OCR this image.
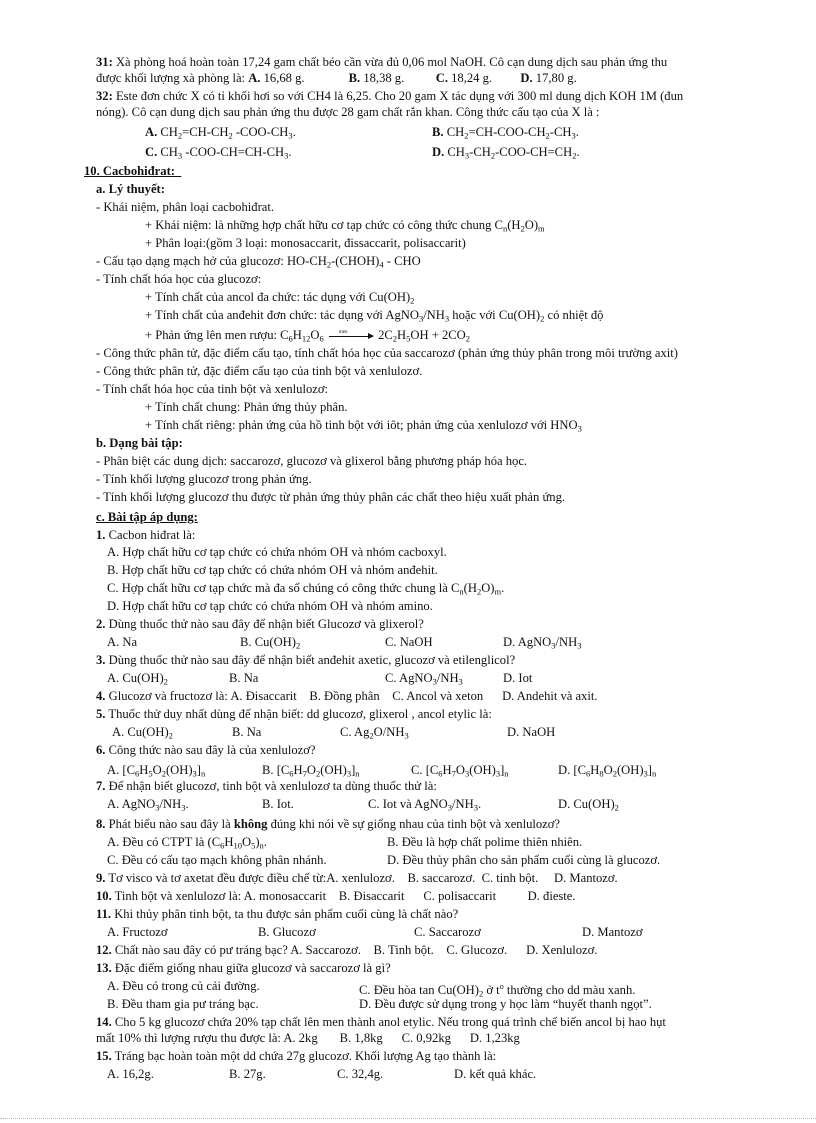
31: Xà phòng hoá hoàn toàn 17,24 gam chất béo cần vừa đủ 0,06 mol NaOH. Cô cạn dung dịch sau phản ứng thu
được khối lượng xà phòng là: A. 16,68 g.              B. 18,38 g.          C. 18,24 g.         D. 17,80 g.
32: Este đơn chức X có tỉ khối hơi so với CH4 là 6,25. Cho 20 gam X tác dụng với 300 ml dung dịch KOH 1M (đun
nóng). Cô cạn dung dịch sau phản ứng thu được 28 gam chất rắn khan. Công thức cấu tạo của X là :
A. $CH_2=CH-CH_2$ $-COO-CH_3$.	B. $CH_2=CH-COO-CH_2-CH_3$.
C. $CH_3$ $-COO-CH=CH-CH_3$.	D. $CH_3-CH_2-COO-CH=CH_2$.
10. Cacbohiđrat:
a. Lý thuyết:
- Khái niệm, phân loại cacbohiđrat.
+ Khái niệm: là những hợp chất hữu cơ tạp chức có công thức chung $C_n(H_2O)_m$
+ Phân loại:(gồm 3 loại: monosaccarit, đissaccarit, polisaccarit)
- Cấu tạo dạng mạch hở của glucozơ: $HO-CH_2-(CHOH)_4$ - CHO
- Tính chất hóa học của glucozơ:
+ Tính chất của ancol đa chức: tác dụng với $Cu(OH)_2$
+ Tính chất của anđehit đơn chức: tác dụng với $AgNO_3/NH_3$ hoặc với $Cu(OH)_2$ có nhiệt độ
+ Phản ứng lên men rượu: $C_6H_{12}O_6$
men $2C_2H_5OH + 2CO_2$
- Công thức phân tử, đặc điểm cấu tạo, tính chất hóa học của saccarozơ (phản ứng thủy phân trong môi trường axit)
- Công thức phân tử, đặc điểm cấu tạo của tinh bột và xenlulozơ.
- Tính chất hóa học của tinh bột và xenlulozơ:
+ Tính chất chung: Phản ứng thủy phân.
+ Tính chất riêng: phản ứng của hồ tinh bột với iôt; phản ứng của xenlulozơ với $HNO_3$
b. Dạng bài tập:
- Phân biệt các dung dịch: saccarozơ, glucozơ và glixerol bằng phương pháp hóa học.
- Tính khối lượng glucozơ trong phản ứng.
- Tính khối lượng glucozơ thu được từ phản ứng thủy phân các chất theo hiệu xuất phản ứng.
c. Bài tập áp dụng:
1. Cacbon hiđrat là:
A. Hợp chất hữu cơ tạp chức có chứa nhóm OH và nhóm cacboxyl.
B. Hợp chất hữu cơ tạp chức có chứa nhóm OH và nhóm anđehit.
C. Hợp chất hữu cơ tạp chức mà đa số chúng có công thức chung là $C_n(H_2O)_m$.
D. Hợp chất hữu cơ tạp chức có chứa nhóm OH và nhóm amino.
2. Dùng thuốc thử nào sau đây để nhận biết Glucozơ và glixerol?
A. Na	B. $Cu(OH)_2$	C. NaOH	D. $AgNO_3/NH_3$
3. Dùng thuốc thử nào sau đây để nhận biết anđehit axetic, glucozơ và etilenglicol?
A. $Cu(OH)_2$	B. Na	C. $AgNO_3/NH_3$	D. Iot
4. Glucozơ và fructozơ là: A. Đisaccarit    B. Đồng phân    C. Ancol và xeton      D. Andehit và axit.
5. Thuốc thử duy nhất dùng để nhận biết: dd glucozơ, glixerol , ancol etylic là:
A. $Cu(OH)_2$	B. Na	C. $Ag_2O/NH_3$	D. NaOH
6. Công thức nào sau đây là của xenlulozơ?
A. $[C_6H_5O_2(OH)_3]_n$	B. $[C_6H_7O_2(OH)_3]_n$	C. $[C_6H_7O_3(OH)_3]_n$	D. $[C_6H_8O_2(OH)_3]_n$
7. Để nhận biết glucozơ, tinh bột và xenlulozơ ta dùng thuốc thử là:
A. $AgNO_3/NH_3$.	B. Iot.	C. Iot và $AgNO_3/NH_3$.	D. $Cu(OH)_2$
8. Phát biểu nào sau đây là không đúng khi nói về sự giống nhau của tinh bột và xenlulozơ?
A. Đều có CTPT là $(C_6H_{10}O_5)_n$.	B. Đều là hợp chất polime thiên nhiên.
C. Đều có cấu tạo mạch không phân nhánh.	D. Đều thủy phân cho sản phẩm cuối cùng là glucozơ.
9. Tơ visco và tơ axetat đều được điều chế từ:A. xenlulozơ.    B. saccarozơ.  C. tinh bột.     D. Mantozơ.
10. Tinh bột và xenlulozơ là: A. monosaccarit    B. Đisaccarit      C. polisaccarit          D. đieste.
11. Khi thủy phân tinh bột, ta thu được sản phẩm cuối cùng là chất nào?
A. Fructozơ	B. Glucozơ	C. Saccarozơ	D. Mantozơ
12. Chất nào sau đây có pư tráng bạc? A. Saccarozơ.    B. Tinh bột.    C. Glucozơ.      D. Xenlulozơ.
13. Đặc điểm giống nhau giữa glucozơ và saccarozơ là gì?
A. Đều có trong củ cải đường.	C. Đều hòa $\tan Cu(OH)_2$ ở $t^o$ thường cho dd màu xanh.
B. Đều tham gia pư tráng bạc.	D. Đều được sử dụng trong y học làm “huyết thanh ngọt”.
14. Cho 5 kg glucozơ chứa 20% tạp chất lên men thành anol etylic. Nếu trong quá trình chế biến ancol bị hao hụt
mất 10% thì lượng rượu thu được là: A. 2kg       B. 1,8kg      C. 0,92kg      D. 1,23kg
15. Tráng bạc hoàn toàn một dd chứa 27g glucozơ. Khối lượng Ag tạo thành là:
A. 16,2g.	B. 27g.	C. 32,4g.	D. kết quả khác.
